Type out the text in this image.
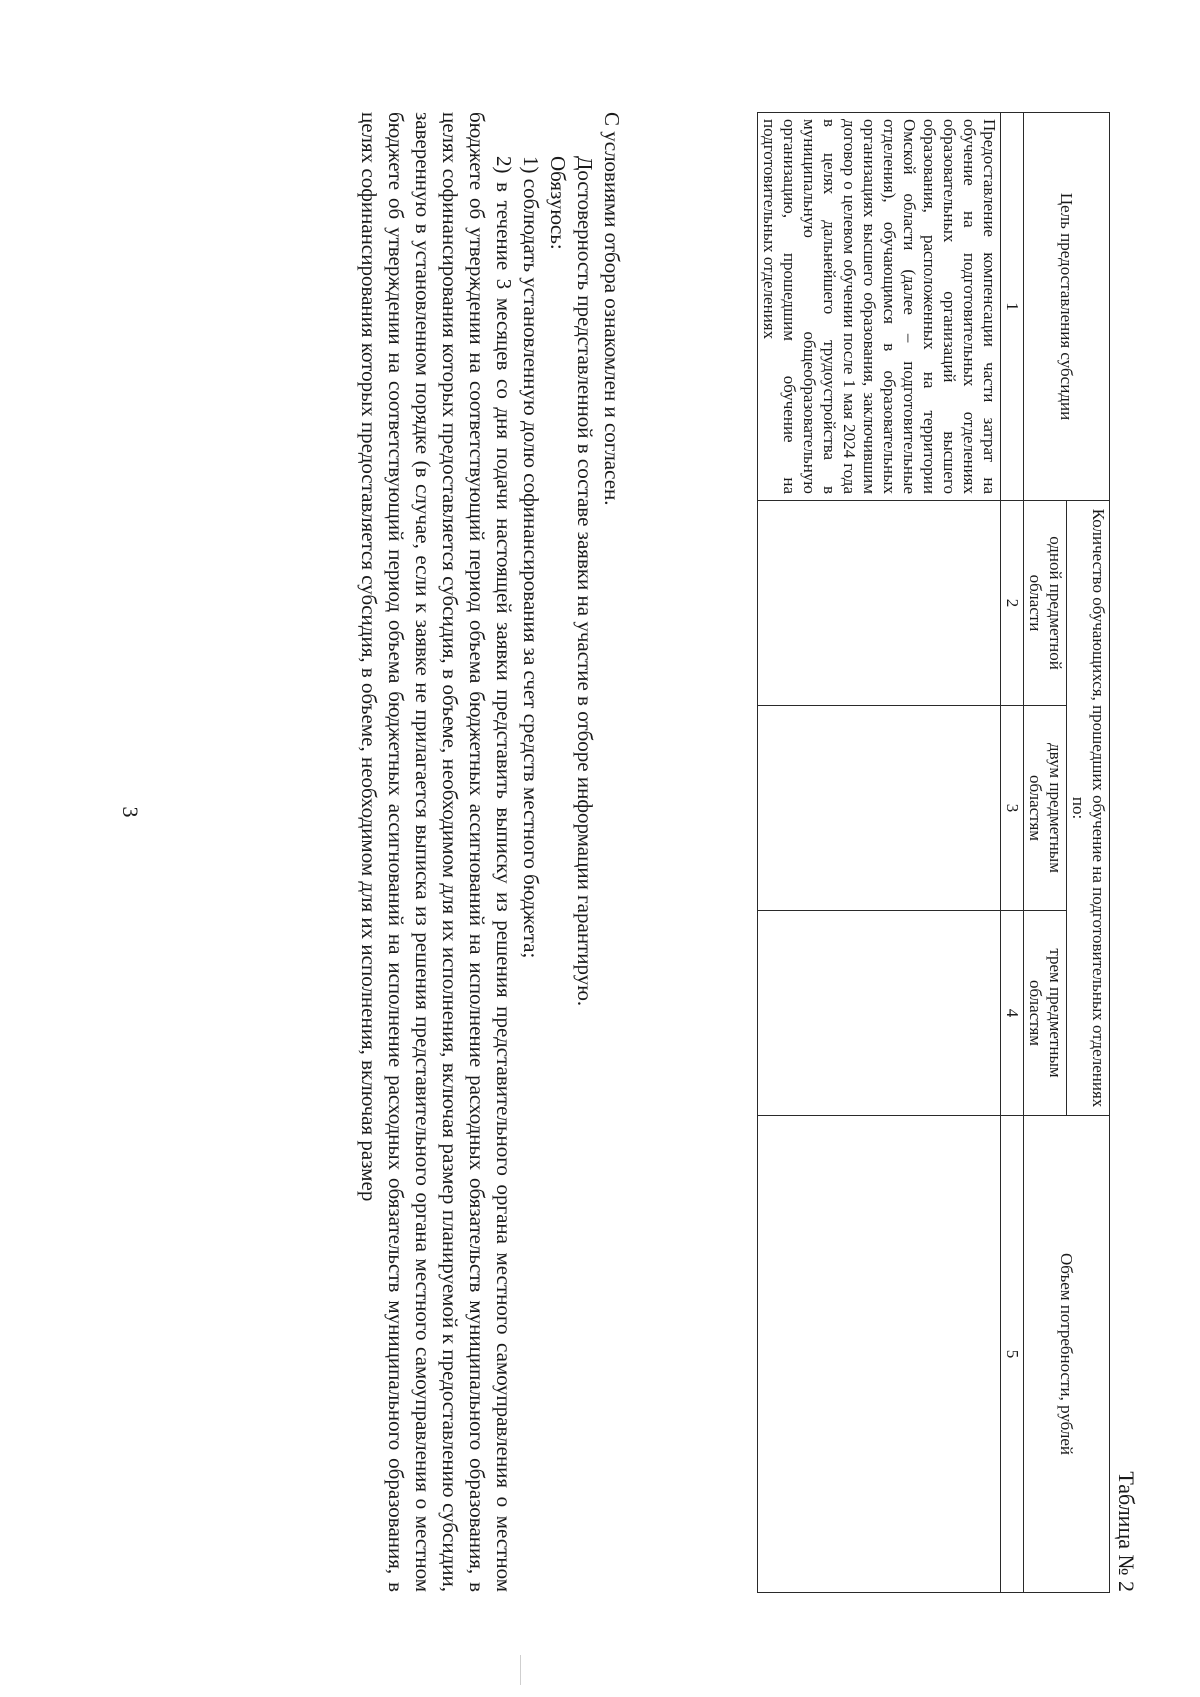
3
Таблица № 2
Цель предоставления субсидии	Количество обучающихся, прошедших обучение на подготовительных отделениях по:			Объем потребности, рублей
	одной предметной области	двум предметным областям	трем предметным областям	
1	2	3	4	5
Предоставление компенсации части затрат на обучение на подготовительных отделениях образовательных организаций высшего образования, расположенных на территории Омской области (далее – подготовительные отделения), обучающимся в образовательных организациях высшего образования, заключившим договор о целевом обучении после 1 мая 2024 года в целях дальнейшего трудоустройства в муниципальную общеобразовательную организацию, прошедшим обучение на подготовительных отделениях				

С условиями отбора ознакомлен и согласен.

Достоверность представленной в составе заявки на участие в отборе информации гарантирую.

Обязуюсь:

1) соблюдать установленную долю софинансирования за счет средств местного бюджета;

2) в течение 3 месяцев со дня подачи настоящей заявки представить выписку из решения представительного органа местного самоуправления о местном бюджете об утверждении на соответствующий период объема бюджетных ассигнований на исполнение расходных обязательств муниципального образования, в целях софинансирования которых предоставляется субсидия, в объеме, необходимом для их исполнения, включая размер планируемой к предоставлению субсидии, заверенную в установленном порядке (в случае, если к заявке не прилагается выписка из решения представительного органа местного самоуправления о местном бюджете об утверждении на соответствующий период объема бюджетных ассигнований на исполнение расходных обязательств муниципального образования, в целях софинансирования которых предоставляется субсидия, в объеме, необходимом для их исполнения, включая размер
